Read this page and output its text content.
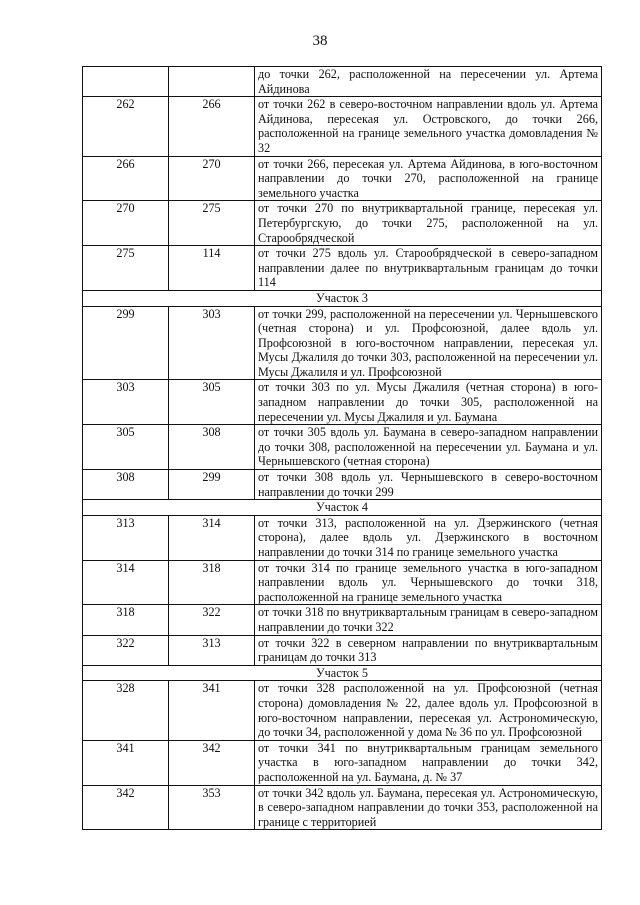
38
		до точки 262, расположенной на пересечении ул. Артема Айдинова
262	266	от точки 262 в северо-восточном направлении вдоль ул. Артема Айдинова, пересекая ул. Островского, до точки 266, расположенной на границе земельного участка домовладения № 32
266	270	от точки 266, пересекая ул. Артема Айдинова, в юго-восточном направлении до точки 270, расположенной на границе земельного участка
270	275	от точки 270 по внутриквартальной границе, пересекая ул. Петербургскую, до точки 275, расположенной на ул. Старообрядческой
275	114	от точки 275 вдоль ул. Старообрядческой в северо-западном направлении далее по внутриквартальным границам до точки 114
Участок 3		
299	303	от точки 299, расположенной на пересечении ул. Чернышевского (четная сторона) и ул. Профсоюзной, далее вдоль ул. Профсоюзной в юго-восточном направлении, пересекая ул. Мусы Джалиля до точки 303, расположенной на пересечении ул. Мусы Джалиля и ул. Профсоюзной
303	305	от точки 303 по ул. Мусы Джалиля (четная сторона) в юго-западном направлении до точки 305, расположенной на пересечении ул. Мусы Джалиля и ул. Баумана
305	308	от точки 305 вдоль ул. Баумана в северо-западном направлении до точки 308, расположенной на пересечении ул. Баумана и ул. Чернышевского (четная сторона)
308	299	от точки 308 вдоль ул. Чернышевского в северо-восточном направлении до точки 299
Участок 4		
313	314	от точки 313, расположенной на ул. Дзержинского (четная сторона), далее вдоль ул. Дзержинского в восточном направлении до точки 314 по границе земельного участка
314	318	от точки 314 по границе земельного участка в юго-западном направлении вдоль ул. Чернышевского до точки 318, расположенной на границе земельного участка
318	322	от точки 318 по внутриквартальным границам в северо-западном направлении до точки 322
322	313	от точки 322 в северном направлении по внутриквартальным границам до точки 313
Участок 5		
328	341	от точки 328 расположенной на ул. Профсоюзной (четная сторона) домовладения № 22, далее вдоль ул. Профсоюзной в юго-восточном направлении, пересекая ул. Астрономическую, до точки 34, расположенной у дома № 36 по ул. Профсоюзной
341	342	от точки 341 по внутриквартальным границам земельного участка в юго-западном направлении до точки 342, расположенной на ул. Баумана, д. № 37
342	353	от точки 342 вдоль ул. Баумана, пересекая ул. Астрономическую, в северо-западном направлении до точки 353, расположенной на границе с территорией
